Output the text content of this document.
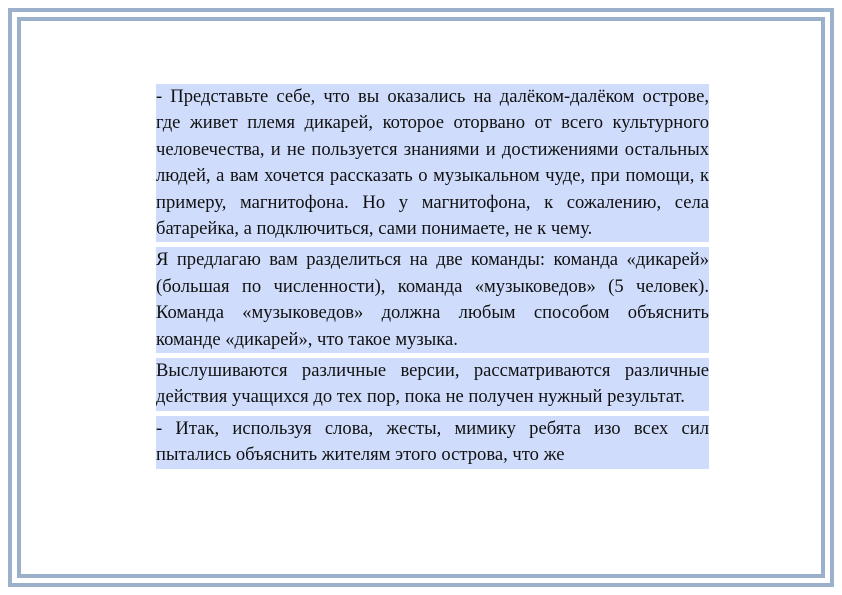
- Представьте себе, что вы оказались на далёком-далёком острове, где живет племя дикарей, которое оторвано от всего культурного человечества, и не пользуется знаниями и достижениями остальных людей, а вам хочется рассказать о музыкальном чуде, при помощи, к примеру, магнитофона. Но у магнитофона, к сожалению, села батарейка, а подключиться, сами понимаете, не к чему.

Я предлагаю вам разделиться на две команды: команда «дикарей» (большая по численности), команда «музыковедов» (5 человек). Команда «музыковедов» должна любым способом объяснить команде «дикарей», что такое музыка.

Выслушиваются различные версии, рассматриваются различные действия учащихся до тех пор, пока не получен нужный результат.

- Итак, используя слова, жесты, мимику ребята изо всех сил пытались объяснить жителям этого острова, что же
